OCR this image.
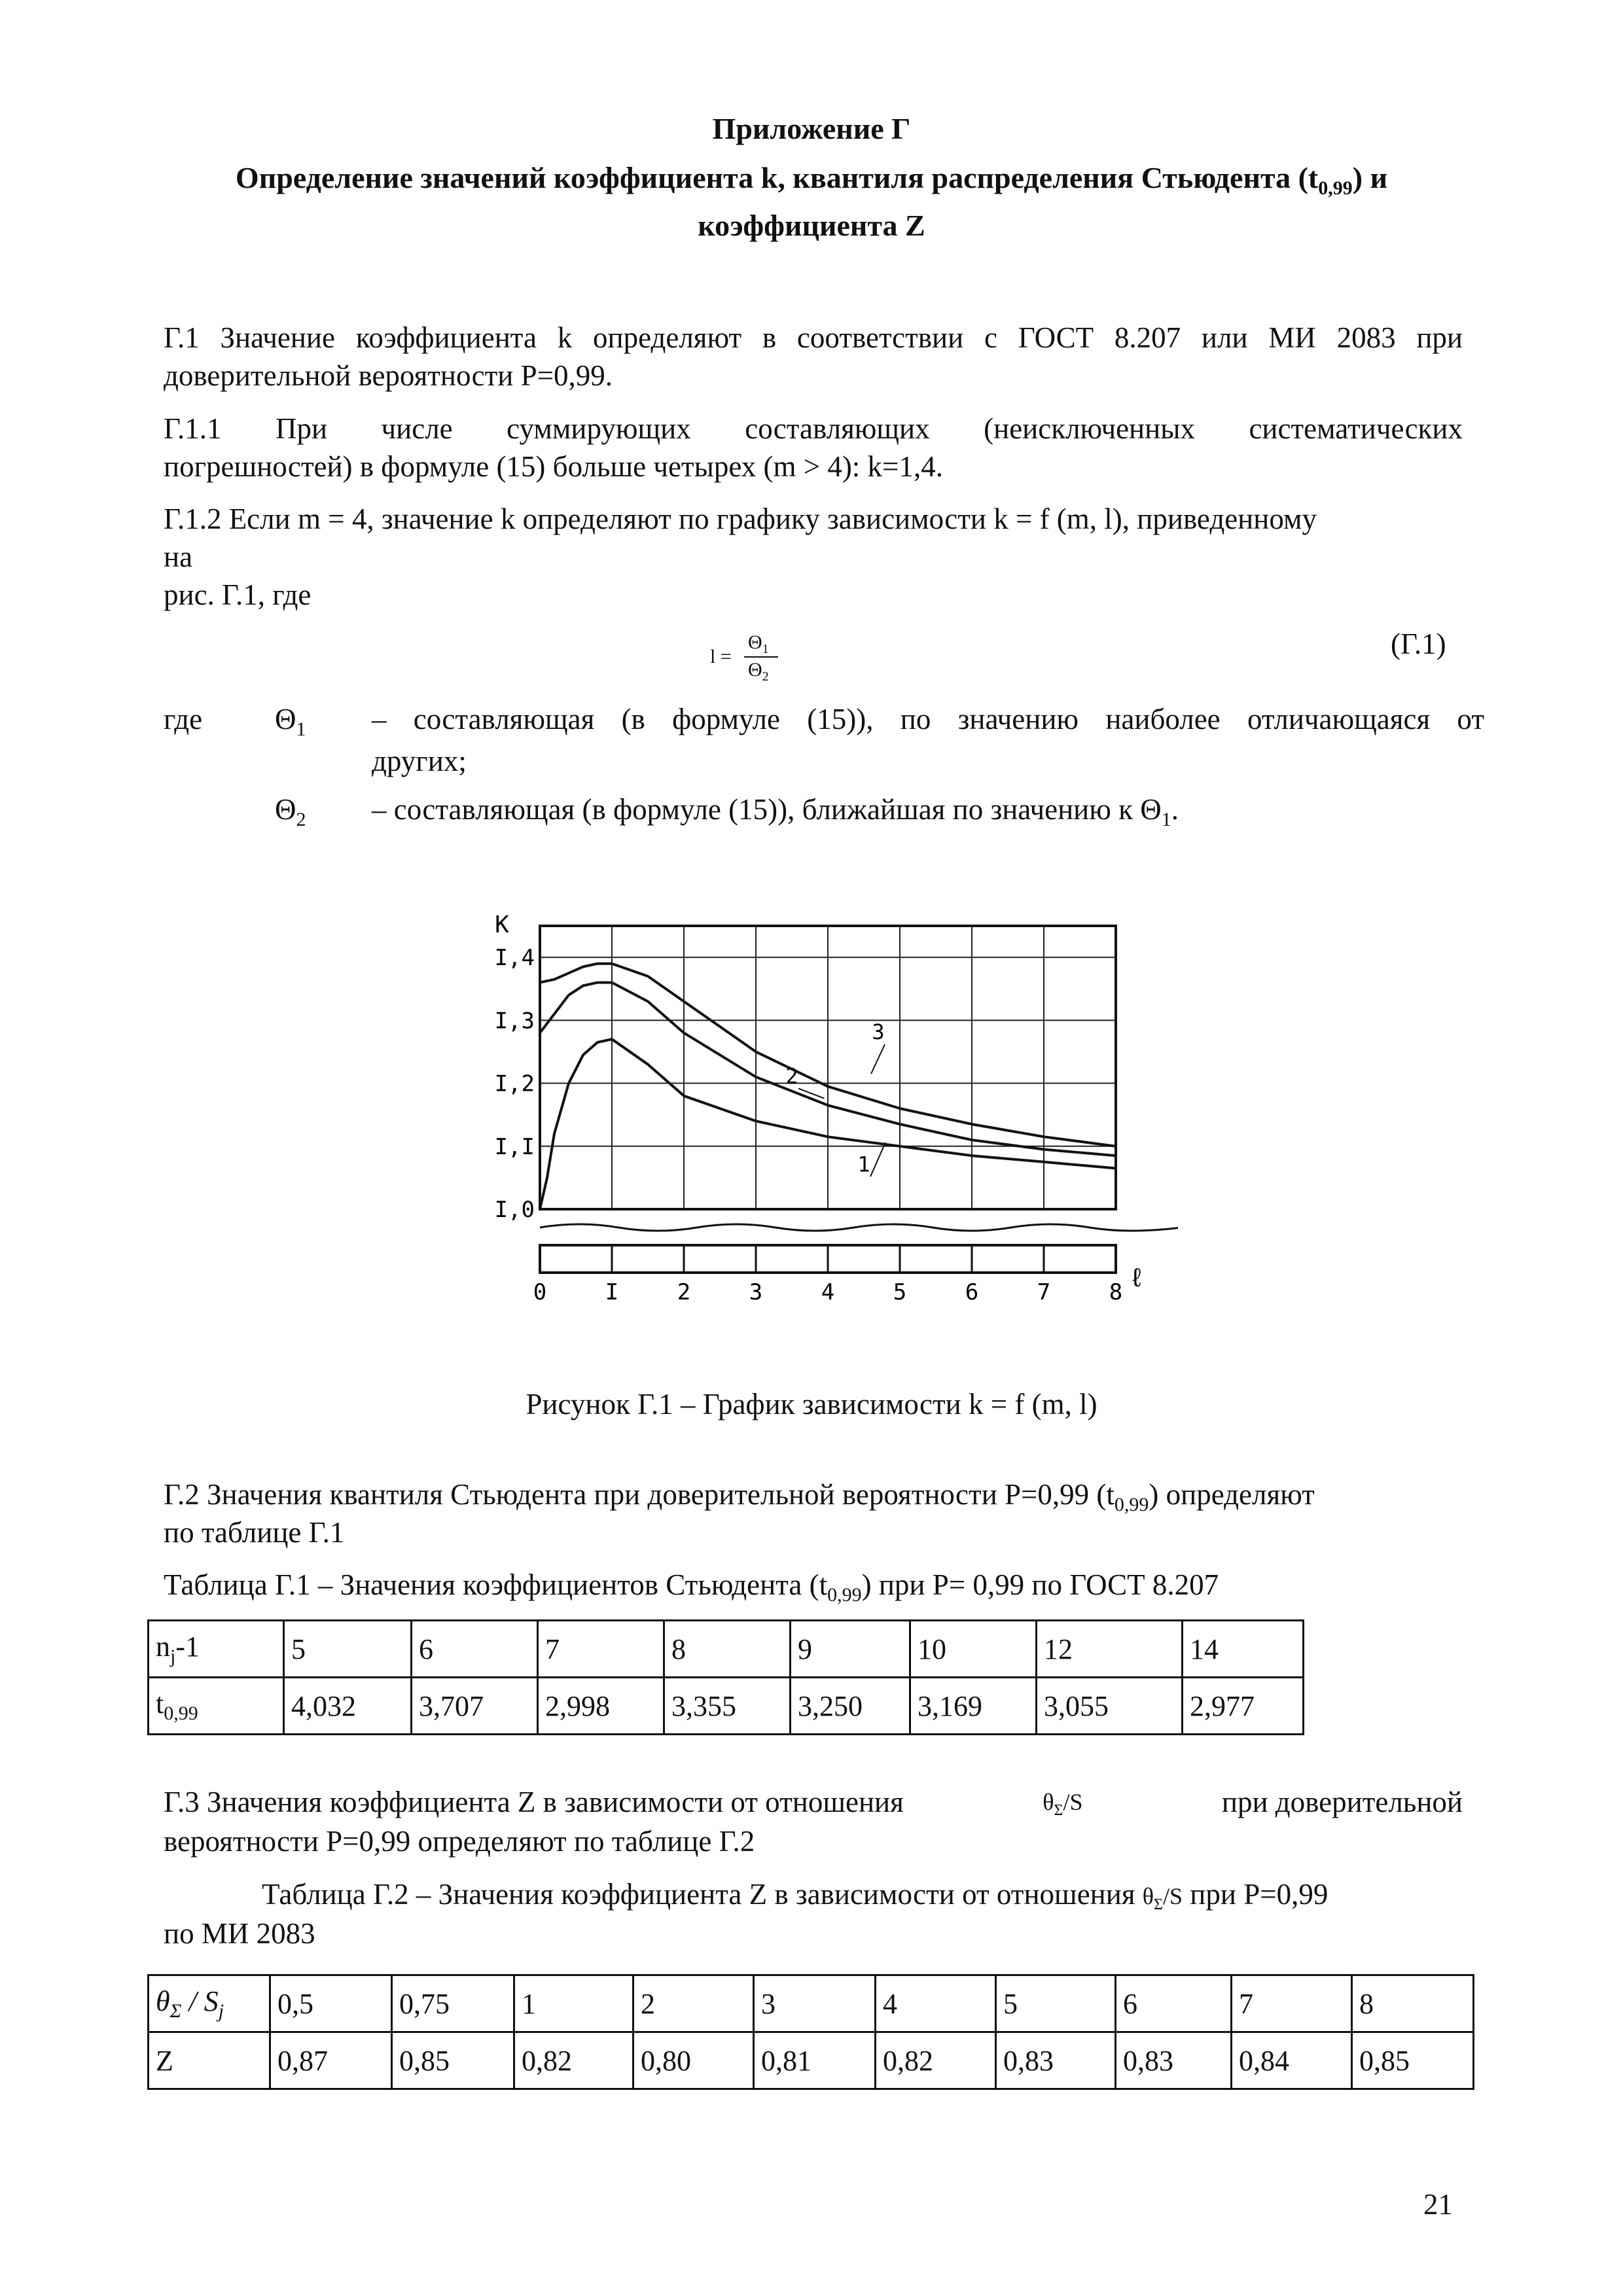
Приложение Г
Определение значений коэффициента k, квантиля распределения Стьюдента $(t_{0,99})$ и
коэффициента Z
Г.1 Значение коэффициента k определяют в соответствии с ГОСТ 8.207 или МИ 2083 при
доверительной вероятности Р=0,99.
Г.1.1 При числе суммирующих составляющих (неисключенных систематических
погрешностей) в формуле (15) больше четырех (m > 4): k=1,4.
Г.1.2 Если m = 4, значение k определяют по графику зависимости k = f (m, l), приведенному
на
рис. Г.1, где
l =
$\Theta_1$
$\Theta_2$
(Г.1)
где $\Theta_1$ – составляющая (в формуле (15)), по значению наиболее отличающаяся от
других;
$\Theta_2$ – составляющая (в формуле (15)), ближайшая по значению к $\Theta_1$.
0	I	2	3	4	5	6	7	8
I,0
I,I
I,2
I,3
I,4
К
ℓ
1
2
3
Рисунок Г.1 – График зависимости k = f (m, l)
Г.2 Значения квантиля Стьюдента при доверительной вероятности Р=0,99 $(t_{0,99})$ определяют
по таблице Г.1
Таблица Г.1 – Значения коэффициентов Стьюдента $(t_{0,99})$ при Р= 0,99 по ГОСТ 8.207
$n_j-1$	5	6	7	8	9	10	12	14
$t_{0,99}$	4,032	3,707	2,998	3,355	3,250	3,169	3,055	2,977
Г.3 Значения коэффициента Z в зависимости от отношения	$\theta_\Sigma/S$	при доверительной
вероятности Р=0,99 определяют по таблице Г.2
Таблица Г.2 – Значения коэффициента Z в зависимости от отношения $\theta_\Sigma/S$ при Р=0,99
по МИ 2083
$\theta_\Sigma / S_j$	0,5	0,75	1	2	3	4	5	6	7	8
Z	0,87	0,85	0,82	0,80	0,81	0,82	0,83	0,83	0,84	0,85
21
